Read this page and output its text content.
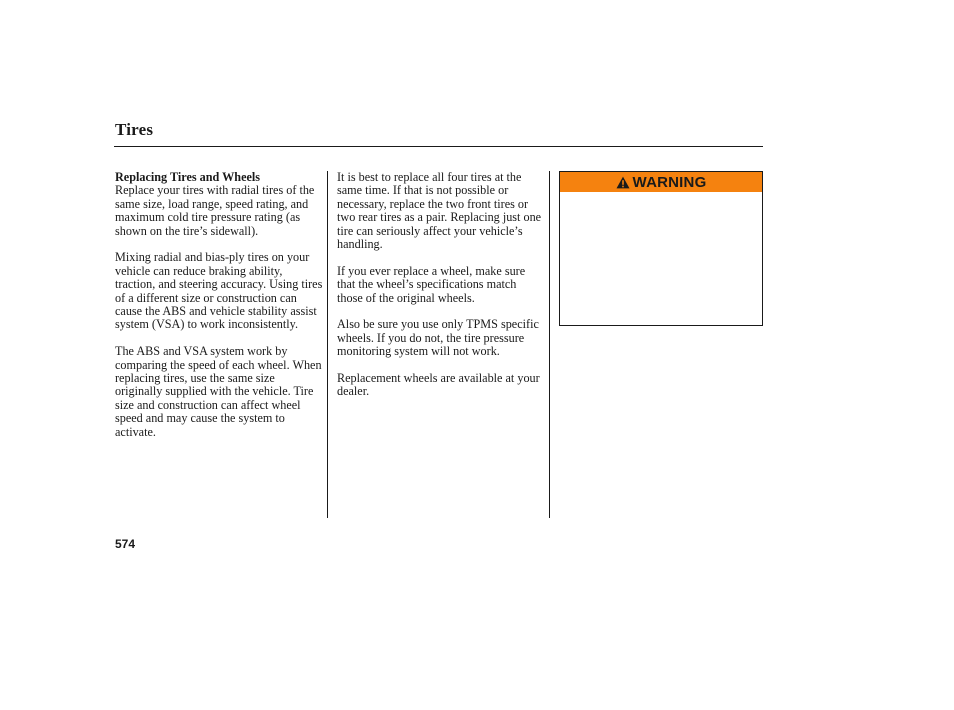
Tires

Replacing Tires and Wheels
Replace your tires with radial tires of the same size, load range, speed rating, and maximum cold tire pressure rating (as shown on the tire’s sidewall).

Mixing radial and bias-ply tires on your vehicle can reduce braking ability, traction, and steering accuracy. Using tires of a different size or construction can cause the ABS and vehicle stability assist system (VSA) to work inconsistently.

The ABS and VSA system work by comparing the speed of each wheel. When replacing tires, use the same size originally supplied with the vehicle. Tire size and construction can affect wheel speed and may cause the system to activate.

It is best to replace all four tires at the same time. If that is not possible or necessary, replace the two front tires or two rear tires as a pair. Replacing just one tire can seriously affect your vehicle’s handling.

If you ever replace a wheel, make sure that the wheel’s specifications match those of the original wheels.

Also be sure you use only TPMS specific wheels. If you do not, the tire pressure monitoring system will not work.

Replacement wheels are available at your dealer.

WARNING
574
